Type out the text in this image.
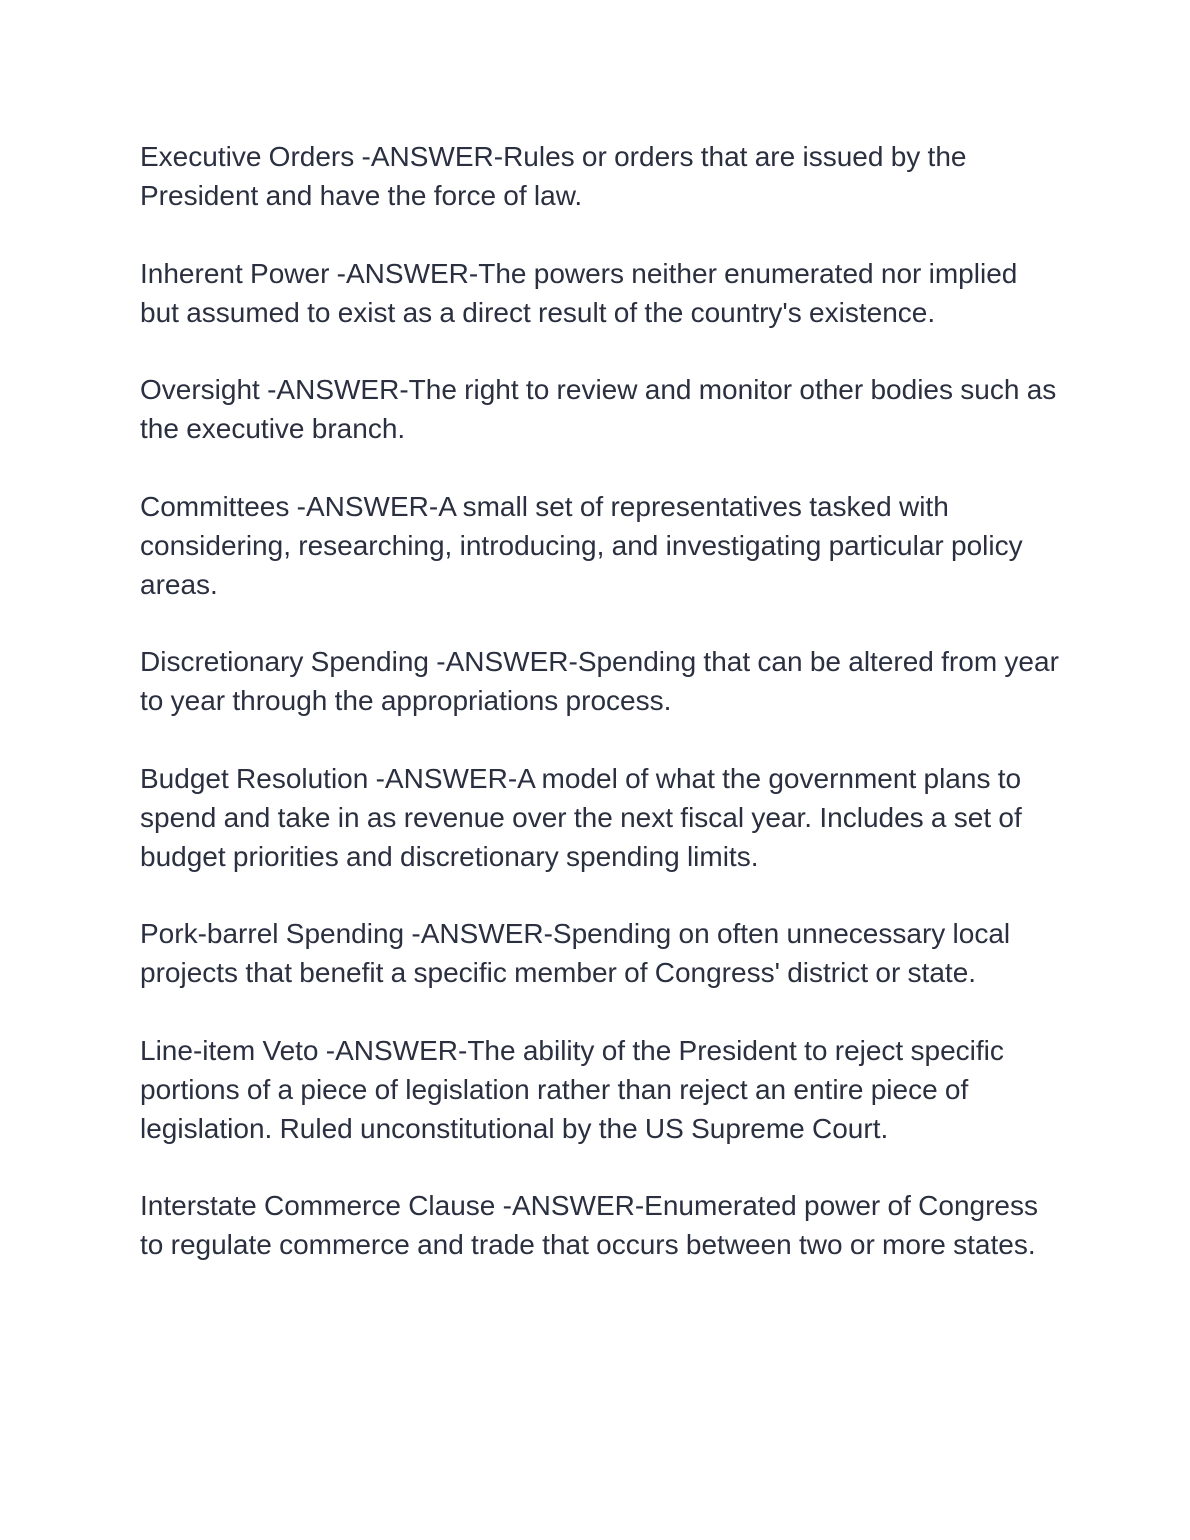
Executive Orders -ANSWER-Rules or orders that are issued by the President and have the force of law.

Inherent Power -ANSWER-The powers neither enumerated nor implied but assumed to exist as a direct result of the country's existence.

Oversight -ANSWER-The right to review and monitor other bodies such as the executive branch.

Committees -ANSWER-A small set of representatives tasked with considering, researching, introducing, and investigating particular policy areas.

Discretionary Spending -ANSWER-Spending that can be altered from year to year through the appropriations process.

Budget Resolution -ANSWER-A model of what the government plans to spend and take in as revenue over the next fiscal year. Includes a set of budget priorities and discretionary spending limits.

Pork-barrel Spending -ANSWER-Spending on often unnecessary local projects that benefit a specific member of Congress' district or state.

Line-item Veto -ANSWER-The ability of the President to reject specific portions of a piece of legislation rather than reject an entire piece of legislation. Ruled unconstitutional by the US Supreme Court.

Interstate Commerce Clause -ANSWER-Enumerated power of Congress to regulate commerce and trade that occurs between two or more states.
